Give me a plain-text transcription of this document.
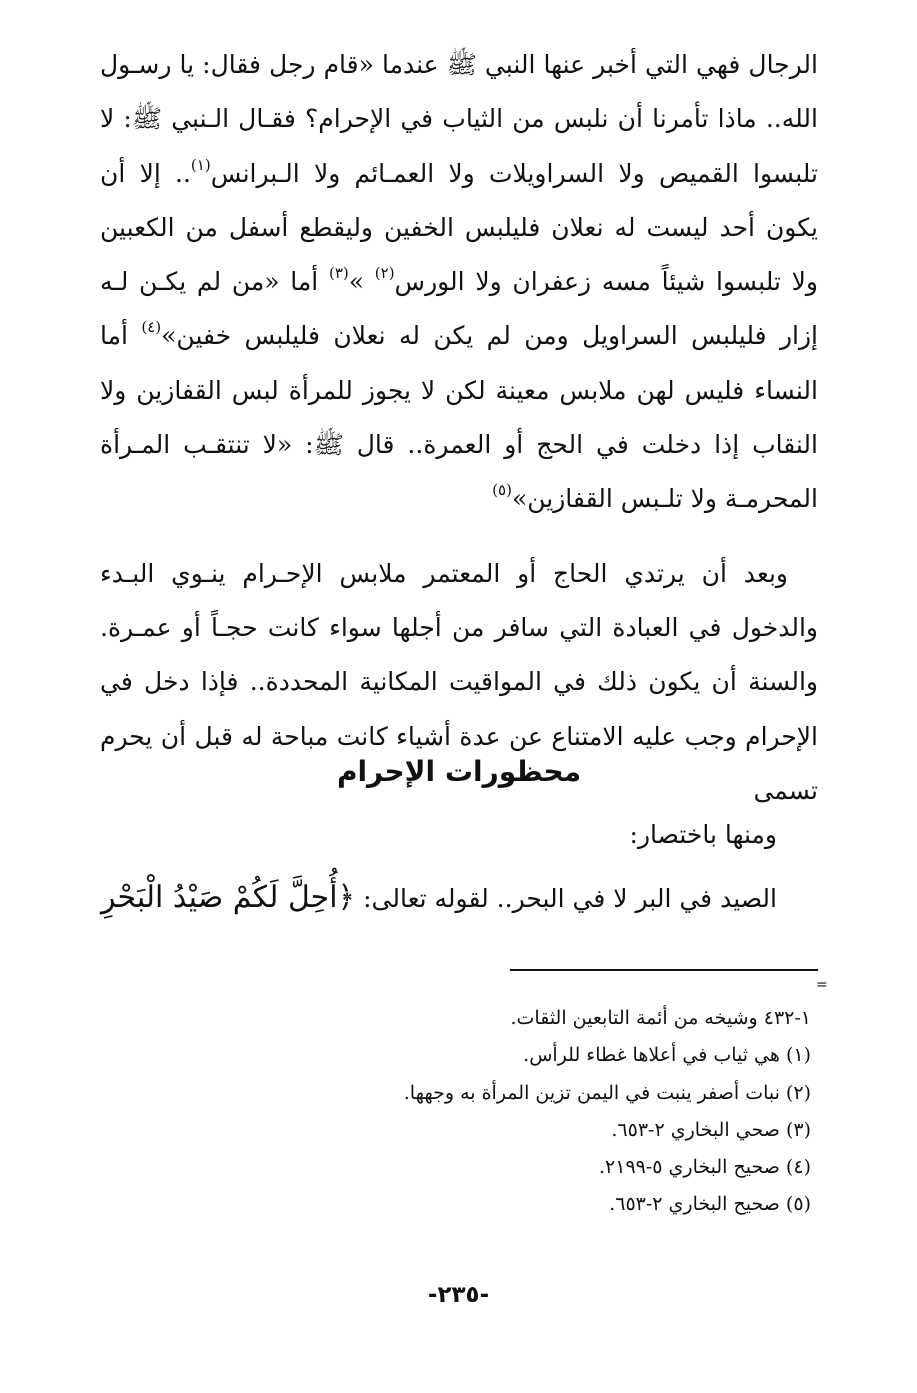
الرجال فهي التي أخبر عنها النبي ﷺ عندما «قام رجل فقال: يا رسـول الله.. ماذا تأمرنا أن نلبس من الثياب في الإحرام؟ فقـال الـنبي ﷺ: لا تلبسوا القميص ولا السراويلات ولا العمـائم ولا الـبرانس$^{(١)}$.. إلا أن يكون أحد ليست له نعلان فليلبس الخفين وليقطع أسفل من الكعبين ولا تلبسوا شيئاً مسه زعفران ولا الورس$^{(٢)}$ »$^{(٣)}$ أما «من لم يكـن لـه إزار فليلبس السراويل ومن لم يكن له نعلان فليلبس خفين»$^{(٤)}$ أما النساء فليس لهن ملابس معينة لكن لا يجوز للمرأة لبس القفازين ولا النقاب إذا دخلت في الحج أو العمرة.. قال ﷺ: «لا تنتقـب المـرأة المحرمـة ولا تلـبس القفازين»$^{(٥)}$

وبعد أن يرتدي الحاج أو المعتمر ملابس الإحـرام ينـوي البـدء والدخول في العبادة التي سافر من أجلها سواء كانت حجـاً أو عمـرة. والسنة أن يكون ذلك في المواقيت المكانية المحددة.. فإذا دخل في الإحرام وجب عليه الامتناع عن عدة أشياء كانت مباحة له قبل أن يحرم تسمى

محظورات الإحرام
ومنها باختصار:
الصيد في البر لا في البحر.. لقوله تعالى: ﴿أُحِلَّ لَكُمْ صَيْدُ الْبَحْرِ
=
١-٤٣٢ وشيخه من أئمة التابعين الثقات.
(١) هي ثياب في أعلاها غطاء للرأس.
(٢) نبات أصفر ينبت في اليمن تزين المرأة به وجهها.
(٣) صحي البخاري ٢-٦٥٣.
(٤) صحيح البخاري ٥-٢١٩٩.
(٥) صحيح البخاري ٢-٦٥٣.
-٢٣٥-
